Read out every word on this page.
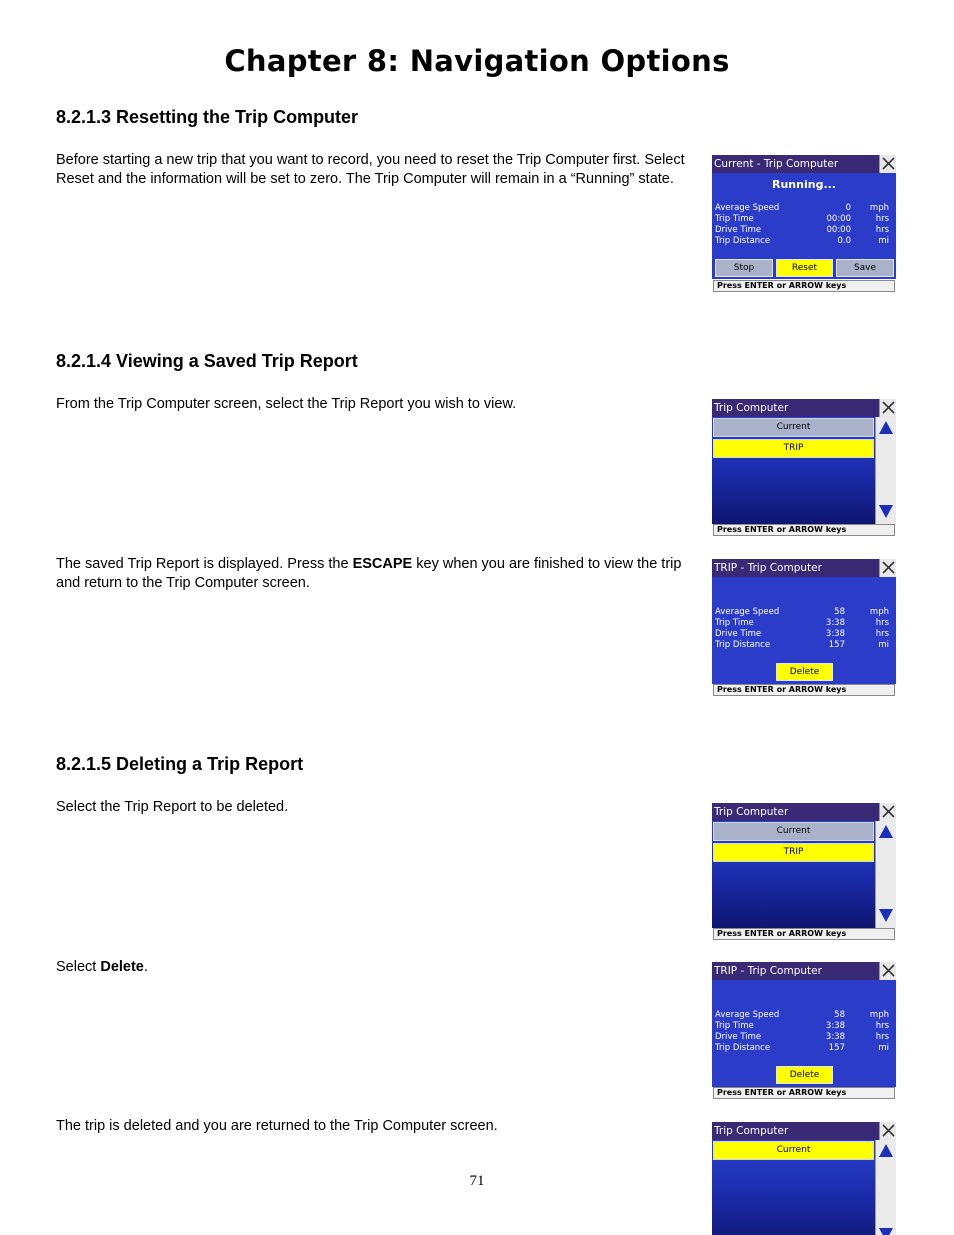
Chapter 8: Navigation Options
8.2.1.3 Resetting the Trip Computer

Before starting a new trip that you want to record, you need to reset the Trip Computer first. Select Reset and the information will be set to zero. The Trip Computer will remain in a “Running” state.

Current - Trip Computer
Running...
Average Speed	0 mph
Trip Time	00:00	hrs
Drive Time	00:00	hrs
Trip Distance	0.0	mi
Stop	Reset	Save
Press ENTER or ARROW keys
8.2.1.4 Viewing a Saved Trip Report

From the Trip Computer screen, select the Trip Report you wish to view.	Trip Computer
Current
TRIP
Press ENTER or ARROW keys

The saved Trip Report is displayed. Press the ESCAPE key when you are finished to view the trip and return to the Trip Computer screen.

TRIP - Trip Computer
Average Speed	58	mph
Trip Time	3:38	hrs
Drive Time	3:38	hrs
Trip Distance	157	mi
Delete
Press ENTER or ARROW keys
8.2.1.5 Deleting a Trip Report

Select the Trip Report to be deleted.	Trip Computer
Current
TRIP
Press ENTER or ARROW keys

Select Delete.	TRIP - Trip Computer
Average Speed	58	mph
Trip Time	3:38	hrs
Drive Time	3:38	hrs
Trip Distance	157	mi
Delete
Press ENTER or ARROW keys

The trip is deleted and you are returned to the Trip Computer screen.	Trip Computer
Current
71
